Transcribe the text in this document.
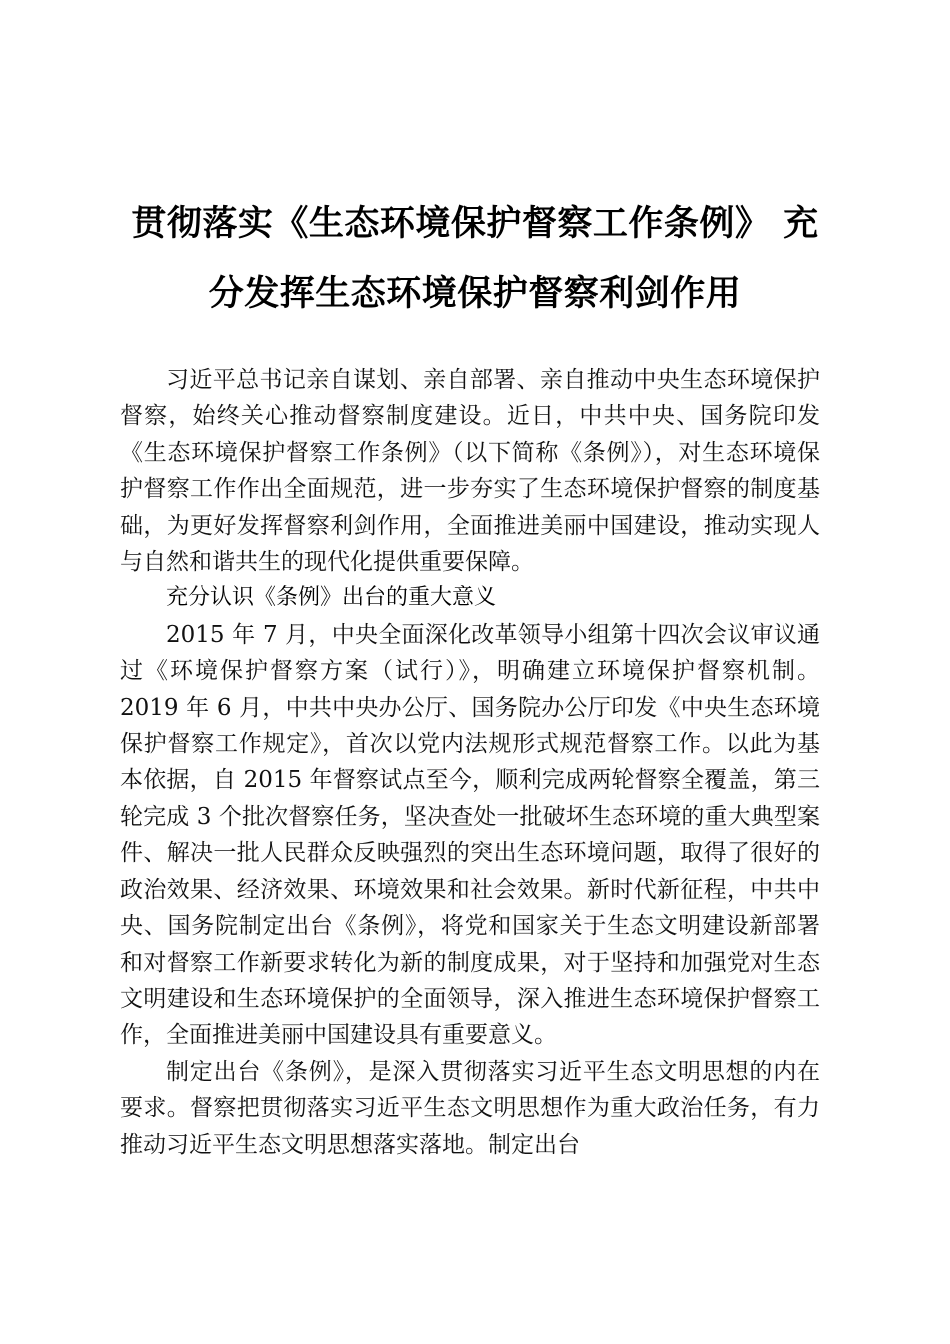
贯彻落实《生态环境保护督察工作条例》 充
分发挥生态环境保护督察利剑作用

习近平总书记亲自谋划、亲自部署、亲自推动中央生态环境保护督察，始终关心推动督察制度建设。近日，中共中央、国务院印发《生态环境保护督察工作条例》（以下简称《条例》），对生态环境保护督察工作作出全面规范，进一步夯实了生态环境保护督察的制度基础，为更好发挥督察利剑作用，全面推进美丽中国建设，推动实现人与自然和谐共生的现代化提供重要保障。

充分认识《条例》出台的重大意义

2015 年 7 月，中央全面深化改革领导小组第十四次会议审议通过《环境保护督察方案（试行）》，明确建立环境保护督察机制。2019 年 6 月，中共中央办公厅、国务院办公厅印发《中央生态环境保护督察工作规定》，首次以党内法规形式规范督察工作。以此为基本依据，自 2015 年督察试点至今，顺利完成两轮督察全覆盖，第三轮完成 3 个批次督察任务，坚决查处一批破坏生态环境的重大典型案件、解决一批人民群众反映强烈的突出生态环境问题，取得了很好的政治效果、经济效果、环境效果和社会效果。新时代新征程，中共中央、国务院制定出台《条例》，将党和国家关于生态文明建设新部署和对督察工作新要求转化为新的制度成果，对于坚持和加强党对生态文明建设和生态环境保护的全面领导，深入推进生态环境保护督察工作，全面推进美丽中国建设具有重要意义。

制定出台《条例》，是深入贯彻落实习近平生态文明思想的内在要求。督察把贯彻落实习近平生态文明思想作为重大政治任务，有力推动习近平生态文明思想落实落地。制定出台
